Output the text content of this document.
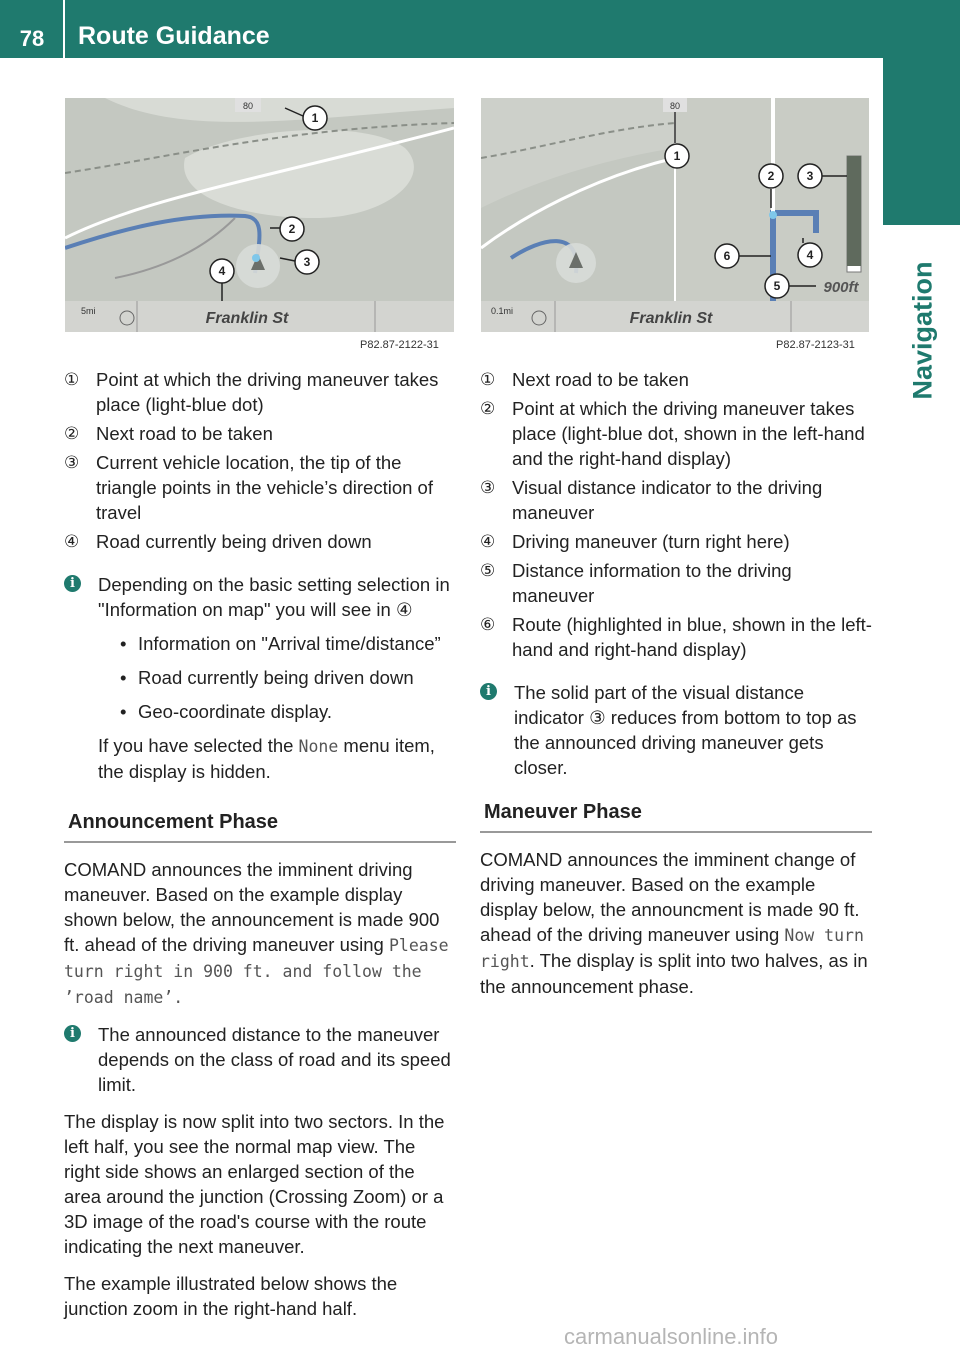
78	Route Guidance
Navigation
1
2
3
4
80
5mi	Franklin St
P82.87-2122-31
1
2	3
4
5
6
80
900ft
0.1mi	Franklin St
P82.87-2123-31
① Point at which the driving maneuver takes place (light-blue dot)
② Next road to be taken
③ Current vehicle location, the tip of the triangle points in the vehicle’s direction of travel
④ Road currently being driven down
i	Depending on the basic setting selection in "Information on map" you will see in ④
• Information on "Arrival time/distance”
• Road currently being driven down
• Geo-coordinate display.
If you have selected the None menu item, the display is hidden.
Announcement Phase
COMAND announces the imminent driving maneuver. Based on the example display shown below, the announcement is made 900 ft. ahead of the driving maneuver using Please turn right in 900 ft. and follow the ’road name’.
i	The announced distance to the maneuver depends on the class of road and its speed limit.
The display is now split into two sectors. In the left half, you see the normal map view. The right side shows an enlarged section of the area around the junction (Crossing Zoom) or a 3D image of the road's course with the route indicating the next maneuver.
The example illustrated below shows the junction zoom in the right-hand half.
① Next road to be taken
② Point at which the driving maneuver takes place (light-blue dot, shown in the left-hand and the right-hand display)
③ Visual distance indicator to the driving maneuver
④ Driving maneuver (turn right here)
⑤ Distance information to the driving maneuver
⑥ Route (highlighted in blue, shown in the left-hand and right-hand display)
i	The solid part of the visual distance indicator ③ reduces from bottom to top as the announced driving maneuver gets closer.
Maneuver Phase
COMAND announces the imminent change of driving maneuver. Based on the example display below, the announcment is made 90 ft. ahead of the driving maneuver using Now turn right. The display is split into two halves, as in the announcement phase.
carmanualsonline.info
